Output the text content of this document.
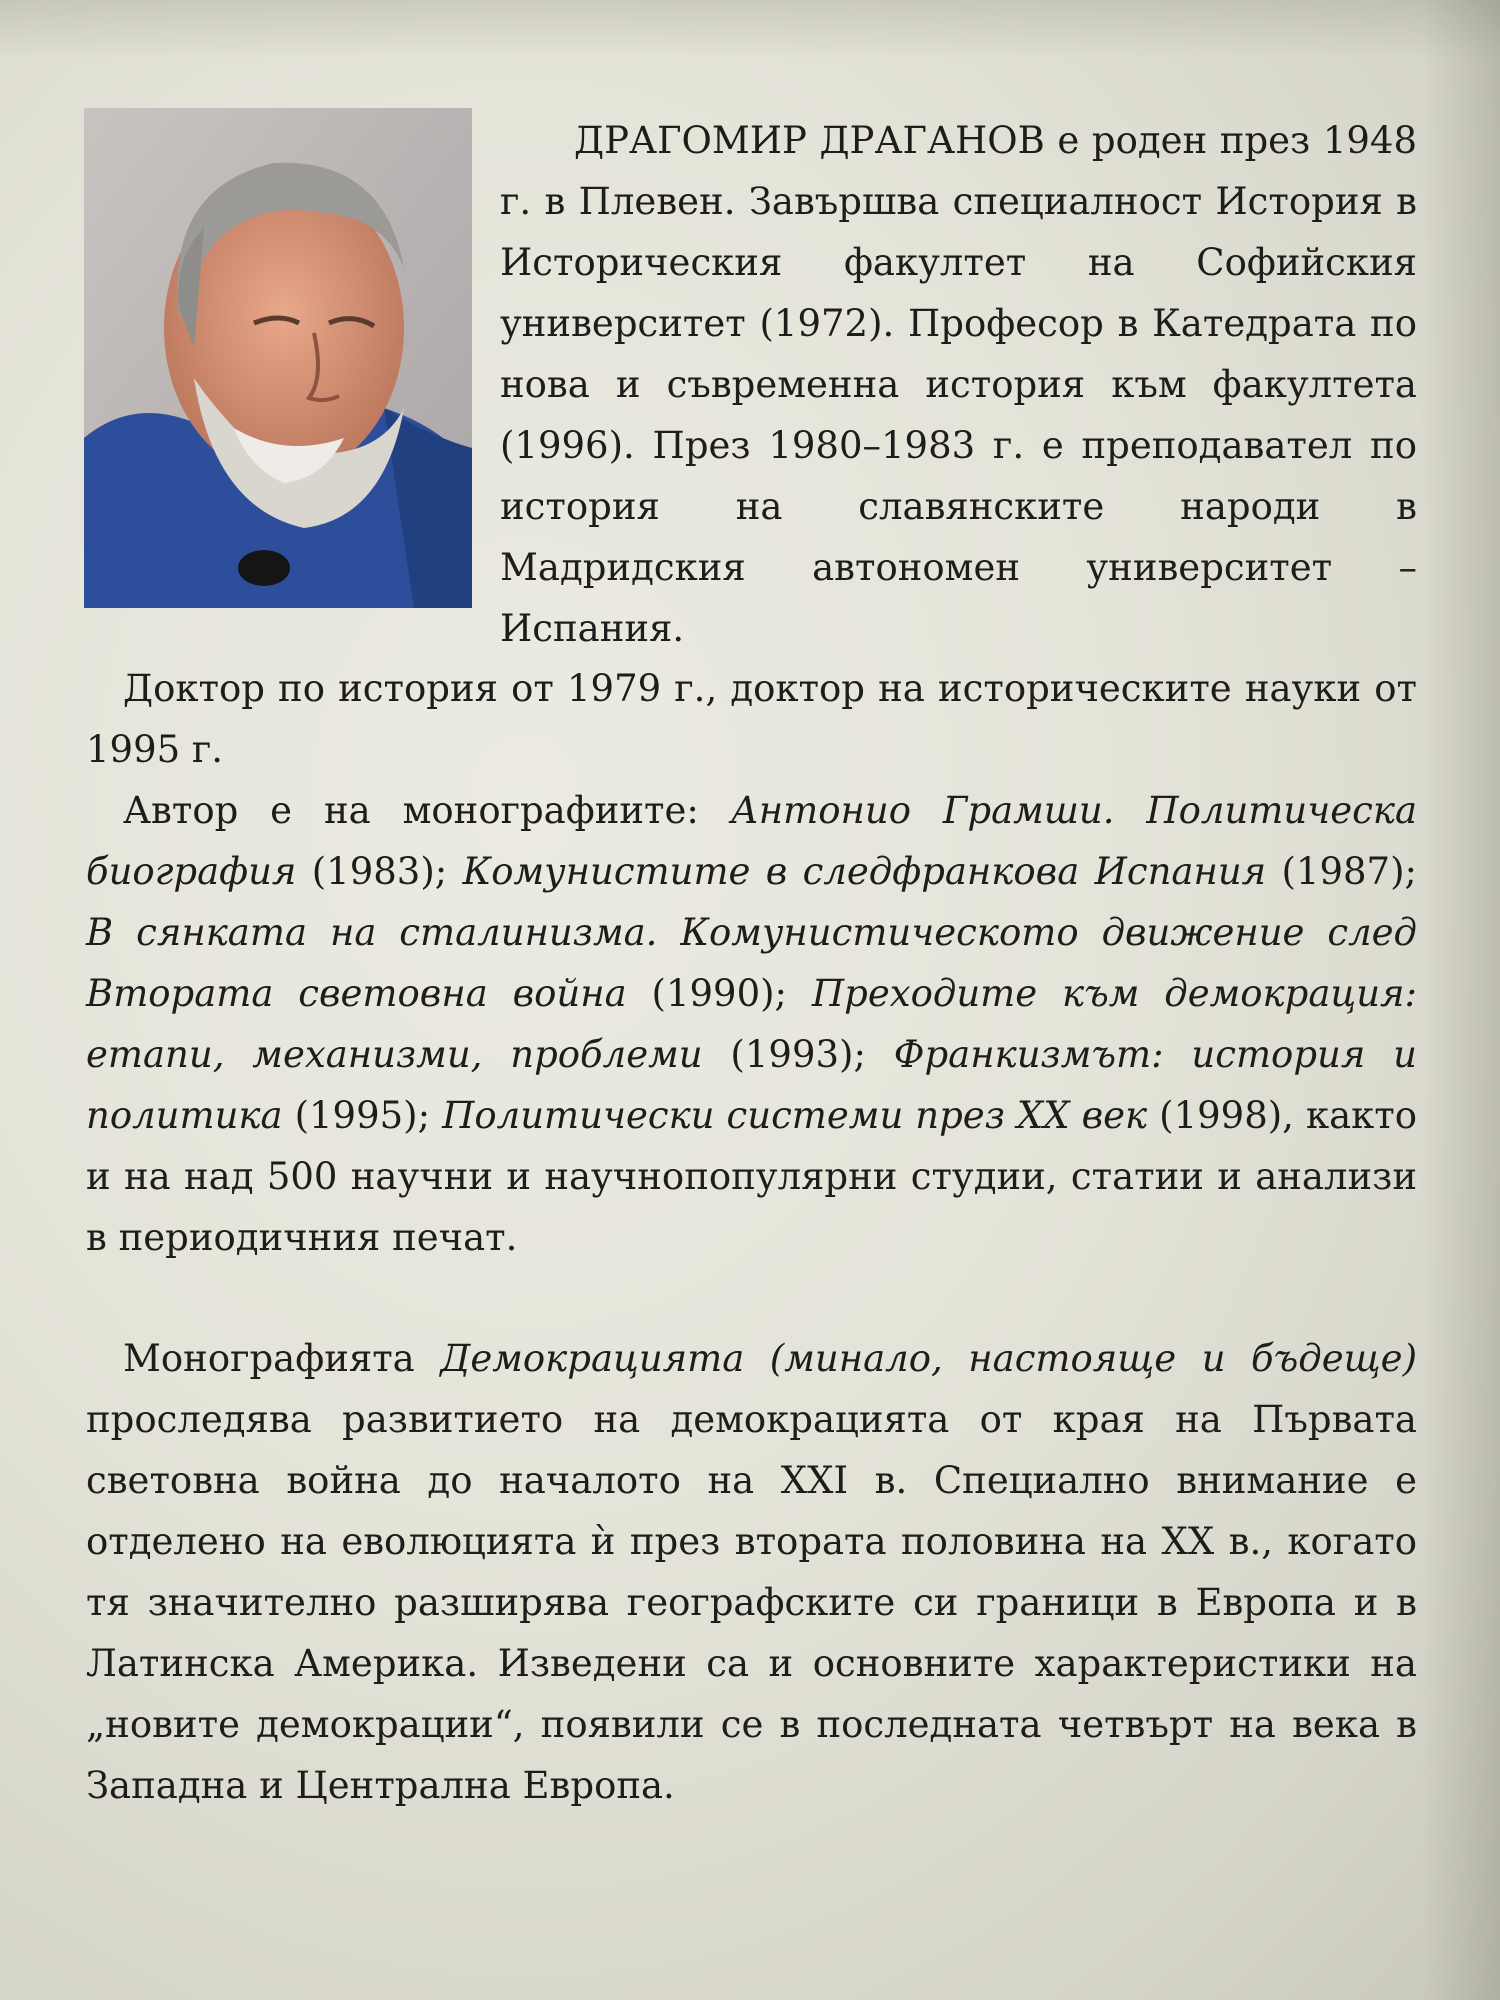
ДРАГОМИР ДРАГАНОВ е роден през 1948 г. в Плевен. Завършва специалност История в Историческия факултет на Софийския университет (1972). Професор в Катедрата по нова и съвременна история към факултета (1996). През 1980–1983 г. е преподавател по история на славянските народи в Мадридския автономен университет – Испания.

Доктор по история от 1979 г., доктор на историческите науки от 1995 г.

Автор е на монографиите: Антонио Грамши. Политическа биография (1983); Комунистите в следфранкова Испания (1987); В сянката на сталинизма. Комунистическото движение след Втората световна война (1990); Преходите към демокрация: етапи, механизми, проблеми (1993); Франкизмът: история и политика (1995); Политически системи през XX век (1998), както и на над 500 научни и научнопопулярни студии, статии и анализи в периодичния печат.

Монографията Демокрацията (минало, настояще и бъдеще) проследява развитието на демокрацията от края на Първата световна война до началото на XXI в. Специално внимание е отделено на еволюцията ѝ през втората половина на XX в., когато тя значително разширява географските си граници в Европа и в Латинска Америка. Изведени са и основните характеристики на „новите демокрации“, появили се в последната четвърт на века в Западна и Централна Европа.
